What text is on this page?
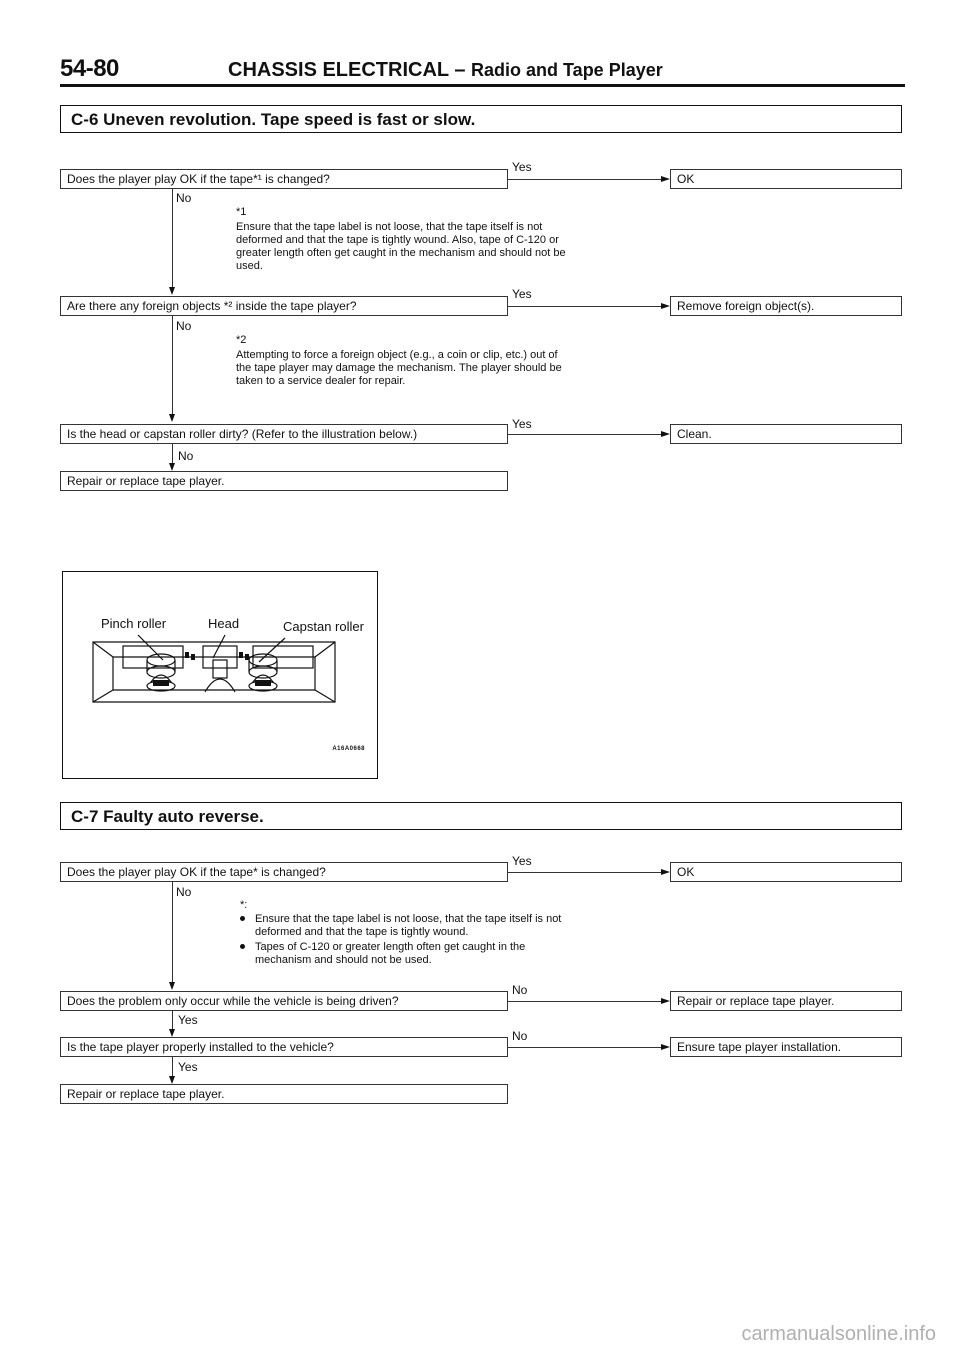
54-80	CHASSIS ELECTRICAL – Radio and Tape Player
C-6 Uneven revolution. Tape speed is fast or slow.
Does the player play OK if the tape*¹ is changed?
Yes
OK
No
*1
Ensure that the tape label is not loose, that the tape itself is not deformed and that the tape is tightly wound. Also, tape of C-120 or greater length often get caught in the mechanism and should not be used.
Are there any foreign objects *² inside the tape player?
Yes
Remove foreign object(s).
No
*2
Attempting to force a foreign object (e.g., a coin or clip, etc.) out of the tape player may damage the mechanism. The player should be taken to a service dealer for repair.
Is the head or capstan roller dirty? (Refer to the illustration below.)
Yes
Clean.
No
Repair or replace tape player.
Pinch roller	Head	Capstan roller
A16A0668
C-7 Faulty auto reverse.
Does the player play OK if the tape* is changed?
Yes
OK
No
*:
Ensure that the tape label is not loose, that the tape itself is not deformed and that the tape is tightly wound.
Tapes of C-120 or greater length often get caught in the mechanism and should not be used.
Does the problem only occur while the vehicle is being driven?
No
Repair or replace tape player.
Yes
Is the tape player properly installed to the vehicle?
No
Ensure tape player installation.
Yes
Repair or replace tape player.
carmanualsonline.info
